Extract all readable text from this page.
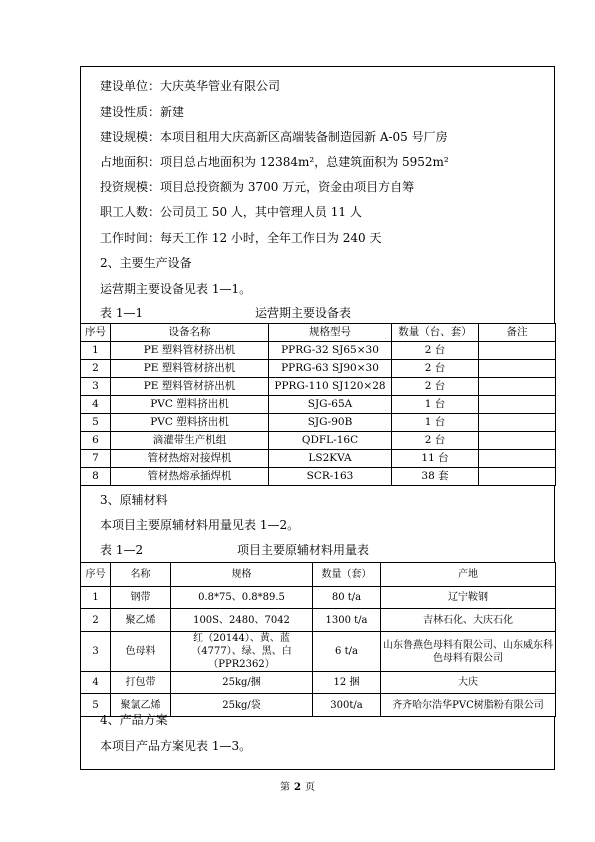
建设单位：大庆英华管业有限公司
建设性质：新建
建设规模：本项目租用大庆高新区高端装备制造园新 A-05 号厂房
占地面积：项目总占地面积为 12384m²，总建筑面积为 5952m²
投资规模：项目总投资额为 3700 万元，资金由项目方自筹
职工人数：公司员工 50 人，其中管理人员 11 人
工作时间：每天工作 12 小时，全年工作日为 240 天
2、主要生产设备
运营期主要设备见表 1—1。
表 1—1	运营期主要设备表
序号	设备名称	规格型号	数量（台、套）	备注
1	PE 塑料管材挤出机	PPRG-32 SJ65×30	2 台	
2	PE 塑料管材挤出机	PPRG-63 SJ90×30	2 台	
3	PE 塑料管材挤出机	PPRG-110 SJ120×28	2 台	
4	PVC 塑料挤出机	SJG-65A	1 台	
5	PVC 塑料挤出机	SJG-90B	1 台	
6	滴灌带生产机组	QDFL-16C	2 台	
7	管材热熔对接焊机	LS2KVA	11 台	
8	管材热熔承插焊机	SCR-163	38 套	
3、原辅材料
本项目主要原辅材料用量见表 1—2。
表 1—2	项目主要原辅材料用量表
序号	名称	规格	数量（套）	产地
1	钢带	0.8*75、0.8*89.5	80 t/a	辽宁鞍钢
2	聚乙烯	100S、2480、7042	1300 t/a	吉林石化、大庆石化
3	色母料	红（20144）、黄、蓝（4777）、绿、黑、白（PPR2362）	6 t/a	山东鲁燕色母料有限公司、山东威东科色母料有限公司
4	打包带	25kg/捆	12 捆	大庆
5	聚氯乙烯	25kg/袋	300t/a	齐齐哈尔浩华PVC树脂粉有限公司
4、产品方案
本项目产品方案见表 1—3。
第 2 页
